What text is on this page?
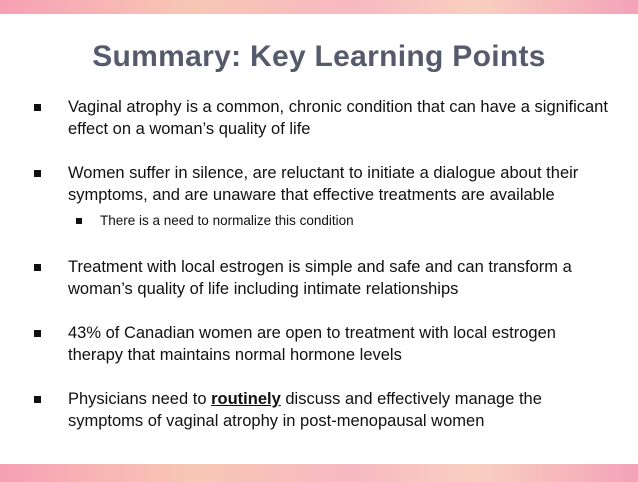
Summary: Key Learning Points
Vaginal atrophy is a common, chronic condition that can have a significant effect on a woman’s quality of life
Women suffer in silence, are reluctant to initiate a dialogue about their symptoms, and are unaware that effective treatments are available
There is a need to normalize this condition
Treatment with local estrogen is simple and safe and can transform a woman’s quality of life including intimate relationships
43% of Canadian women are open to treatment with local estrogen therapy that maintains normal hormone levels
Physicians need to routinely discuss and effectively manage the symptoms of vaginal atrophy in post-menopausal women
